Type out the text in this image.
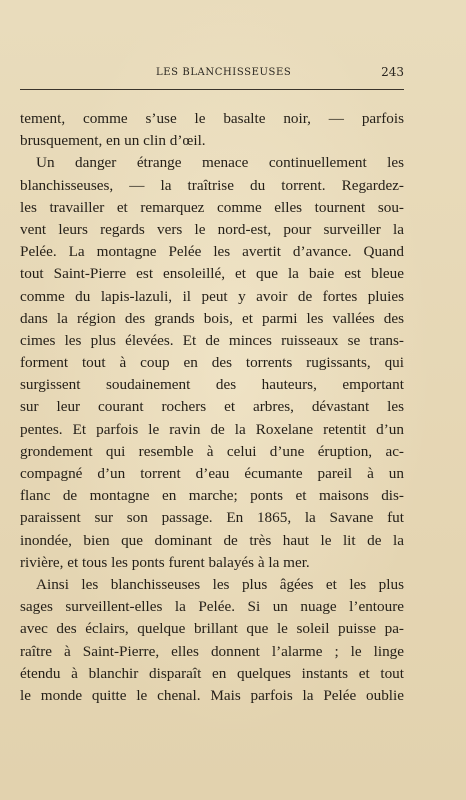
LES BLANCHISSEUSES	243
tement, comme s’use le basalte noir, — parfois
brusquement, en un clin d’œil.
Un danger étrange menace continuellement les
blanchisseuses, — la traîtrise du torrent. Regardez-
les travailler et remarquez comme elles tournent sou-
vent leurs regards vers le nord-est, pour surveiller la
Pelée. La montagne Pelée les avertit d’avance. Quand
tout Saint-Pierre est ensoleillé, et que la baie est bleue
comme du lapis-lazuli, il peut y avoir de fortes pluies
dans la région des grands bois, et parmi les vallées des
cimes les plus élevées. Et de minces ruisseaux se trans-
forment tout à coup en des torrents rugissants, qui
surgissent soudainement des hauteurs, emportant
sur leur courant rochers et arbres, dévastant les
pentes. Et parfois le ravin de la Roxelane retentit d’un
grondement qui resemble à celui d’une éruption, ac-
compagné d’un torrent d’eau écumante pareil à un
flanc de montagne en marche; ponts et maisons dis-
paraissent sur son passage. En 1865, la Savane fut
inondée, bien que dominant de très haut le lit de la
rivière, et tous les ponts furent balayés à la mer.
Ainsi les blanchisseuses les plus âgées et les plus
sages surveillent-elles la Pelée. Si un nuage l’entoure
avec des éclairs, quelque brillant que le soleil puisse pa-
raître à Saint-Pierre, elles donnent l’alarme ; le linge
étendu à blanchir disparaît en quelques instants et tout
le monde quitte le chenal. Mais parfois la Pelée oublie
